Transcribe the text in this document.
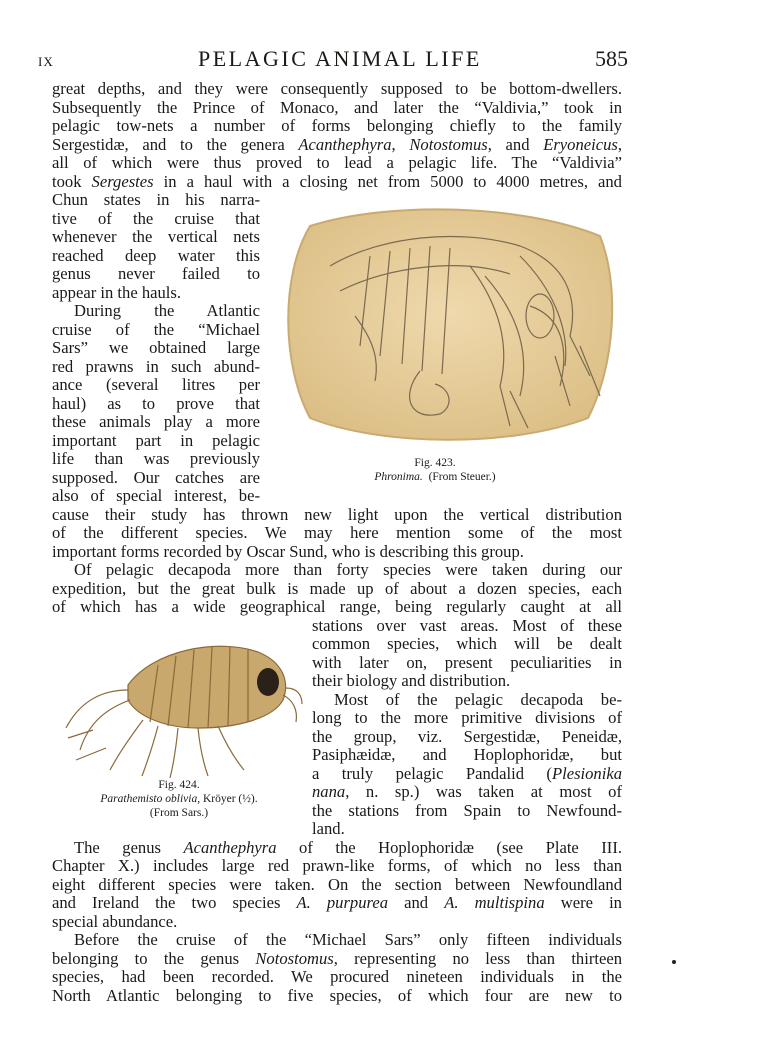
IX	PELAGIC ANIMAL LIFE	585
great depths, and they were consequently supposed to be bottom-dwellers.
Subsequently the Prince of Monaco, and later the “Valdivia,” took in
pelagic tow-nets a number of forms belonging chiefly to the family
Sergestidæ, and to the genera Acanthephyra, Notostomus, and Eryoneicus,
all of which were thus proved to lead a pelagic life. The “Valdivia”
took Sergestes in a haul with a closing net from 5000 to 4000 metres, and
Chun states in his narra-
tive of the cruise that
whenever the vertical nets
reached deep water this
genus never failed to
appear in the hauls.
During the Atlantic
cruise of the “Michael
Sars” we obtained large
red prawns in such abund-
ance (several litres per
haul) as to prove that
these animals play a more
important part in pelagic
life than was previously
supposed. Our catches are
also of special interest, be-
Fig. 423.
Phronima. (From Steuer.)
cause their study has thrown new light upon the vertical distribution
of the different species. We may here mention some of the most
important forms recorded by Oscar Sund, who is describing this group.
Of pelagic decapoda more than forty species were taken during our
expedition, but the great bulk is made up of about a dozen species, each
of which has a wide geographical range, being regularly caught at all
stations over vast areas. Most of these
common species, which will be dealt
with later on, present peculiarities in
their biology and distribution.
Most of the pelagic decapoda be-
long to the more primitive divisions of
the group, viz. Sergestidæ, Peneidæ,
Pasiphæidæ, and Hoplophoridæ, but
a truly pelagic Pandalid (Plesionika
nana, n. sp.) was taken at most of
the stations from Spain to Newfound-
land.
Fig. 424.
Parathemisto oblivia, Kröyer (½).
(From Sars.)
The genus Acanthephyra of the Hoplophoridæ (see Plate III.
Chapter X.) includes large red prawn-like forms, of which no less than
eight different species were taken. On the section between Newfoundland
and Ireland the two species A. purpurea and A. multispina were in
special abundance.
Before the cruise of the “Michael Sars” only fifteen individuals
belonging to the genus Notostomus, representing no less than thirteen
species, had been recorded. We procured nineteen individuals in the
North Atlantic belonging to five species, of which four are new to
